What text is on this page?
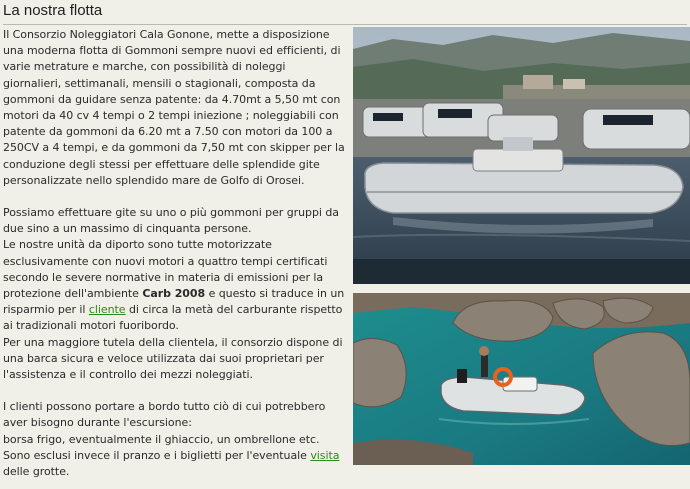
La nostra flotta

Il Consorzio Noleggiatori Cala Gonone, mette a disposizione una moderna flotta di Gommoni sempre nuovi ed efficienti, di varie metrature e marche, con possibilità di noleggi giornalieri, settimanali, mensili o stagionali, composta da gommoni da guidare senza patente: da 4.70mt a 5,50 mt con motori da 40 cv 4 tempi o 2 tempi iniezione ; noleggiabili con patente da gommoni da 6.20 mt a 7.50 con motori da 100 a 250CV a 4 tempi, e da gommoni da 7,50 mt con skipper per la conduzione degli stessi per effettuare delle splendide gite personalizzate nello splendido mare de Golfo di Orosei.

Possiamo effettuare gite su uno o più gommoni per gruppi da due sino a un massimo di cinquanta persone.

Le nostre unità da diporto sono tutte motorizzate esclusivamente con nuovi motori a quattro tempi certificati secondo le severe normative in materia di emissioni per la protezione dell'ambiente Carb 2008 e questo si traduce in un risparmio per il cliente di circa la metà del carburante rispetto ai tradizionali motori fuoribordo.

Per una maggiore tutela della clientela, il consorzio dispone di una barca sicura e veloce utilizzata dai suoi proprietari per l'assistenza e il controllo dei mezzi noleggiati.

I clienti possono portare a bordo tutto ciò di cui potrebbero aver bisogno durante l'escursione:

borsa frigo, eventualmente il ghiaccio, un ombrellone etc. Sono esclusi invece il pranzo e i biglietti per l'eventuale visita delle grotte.
